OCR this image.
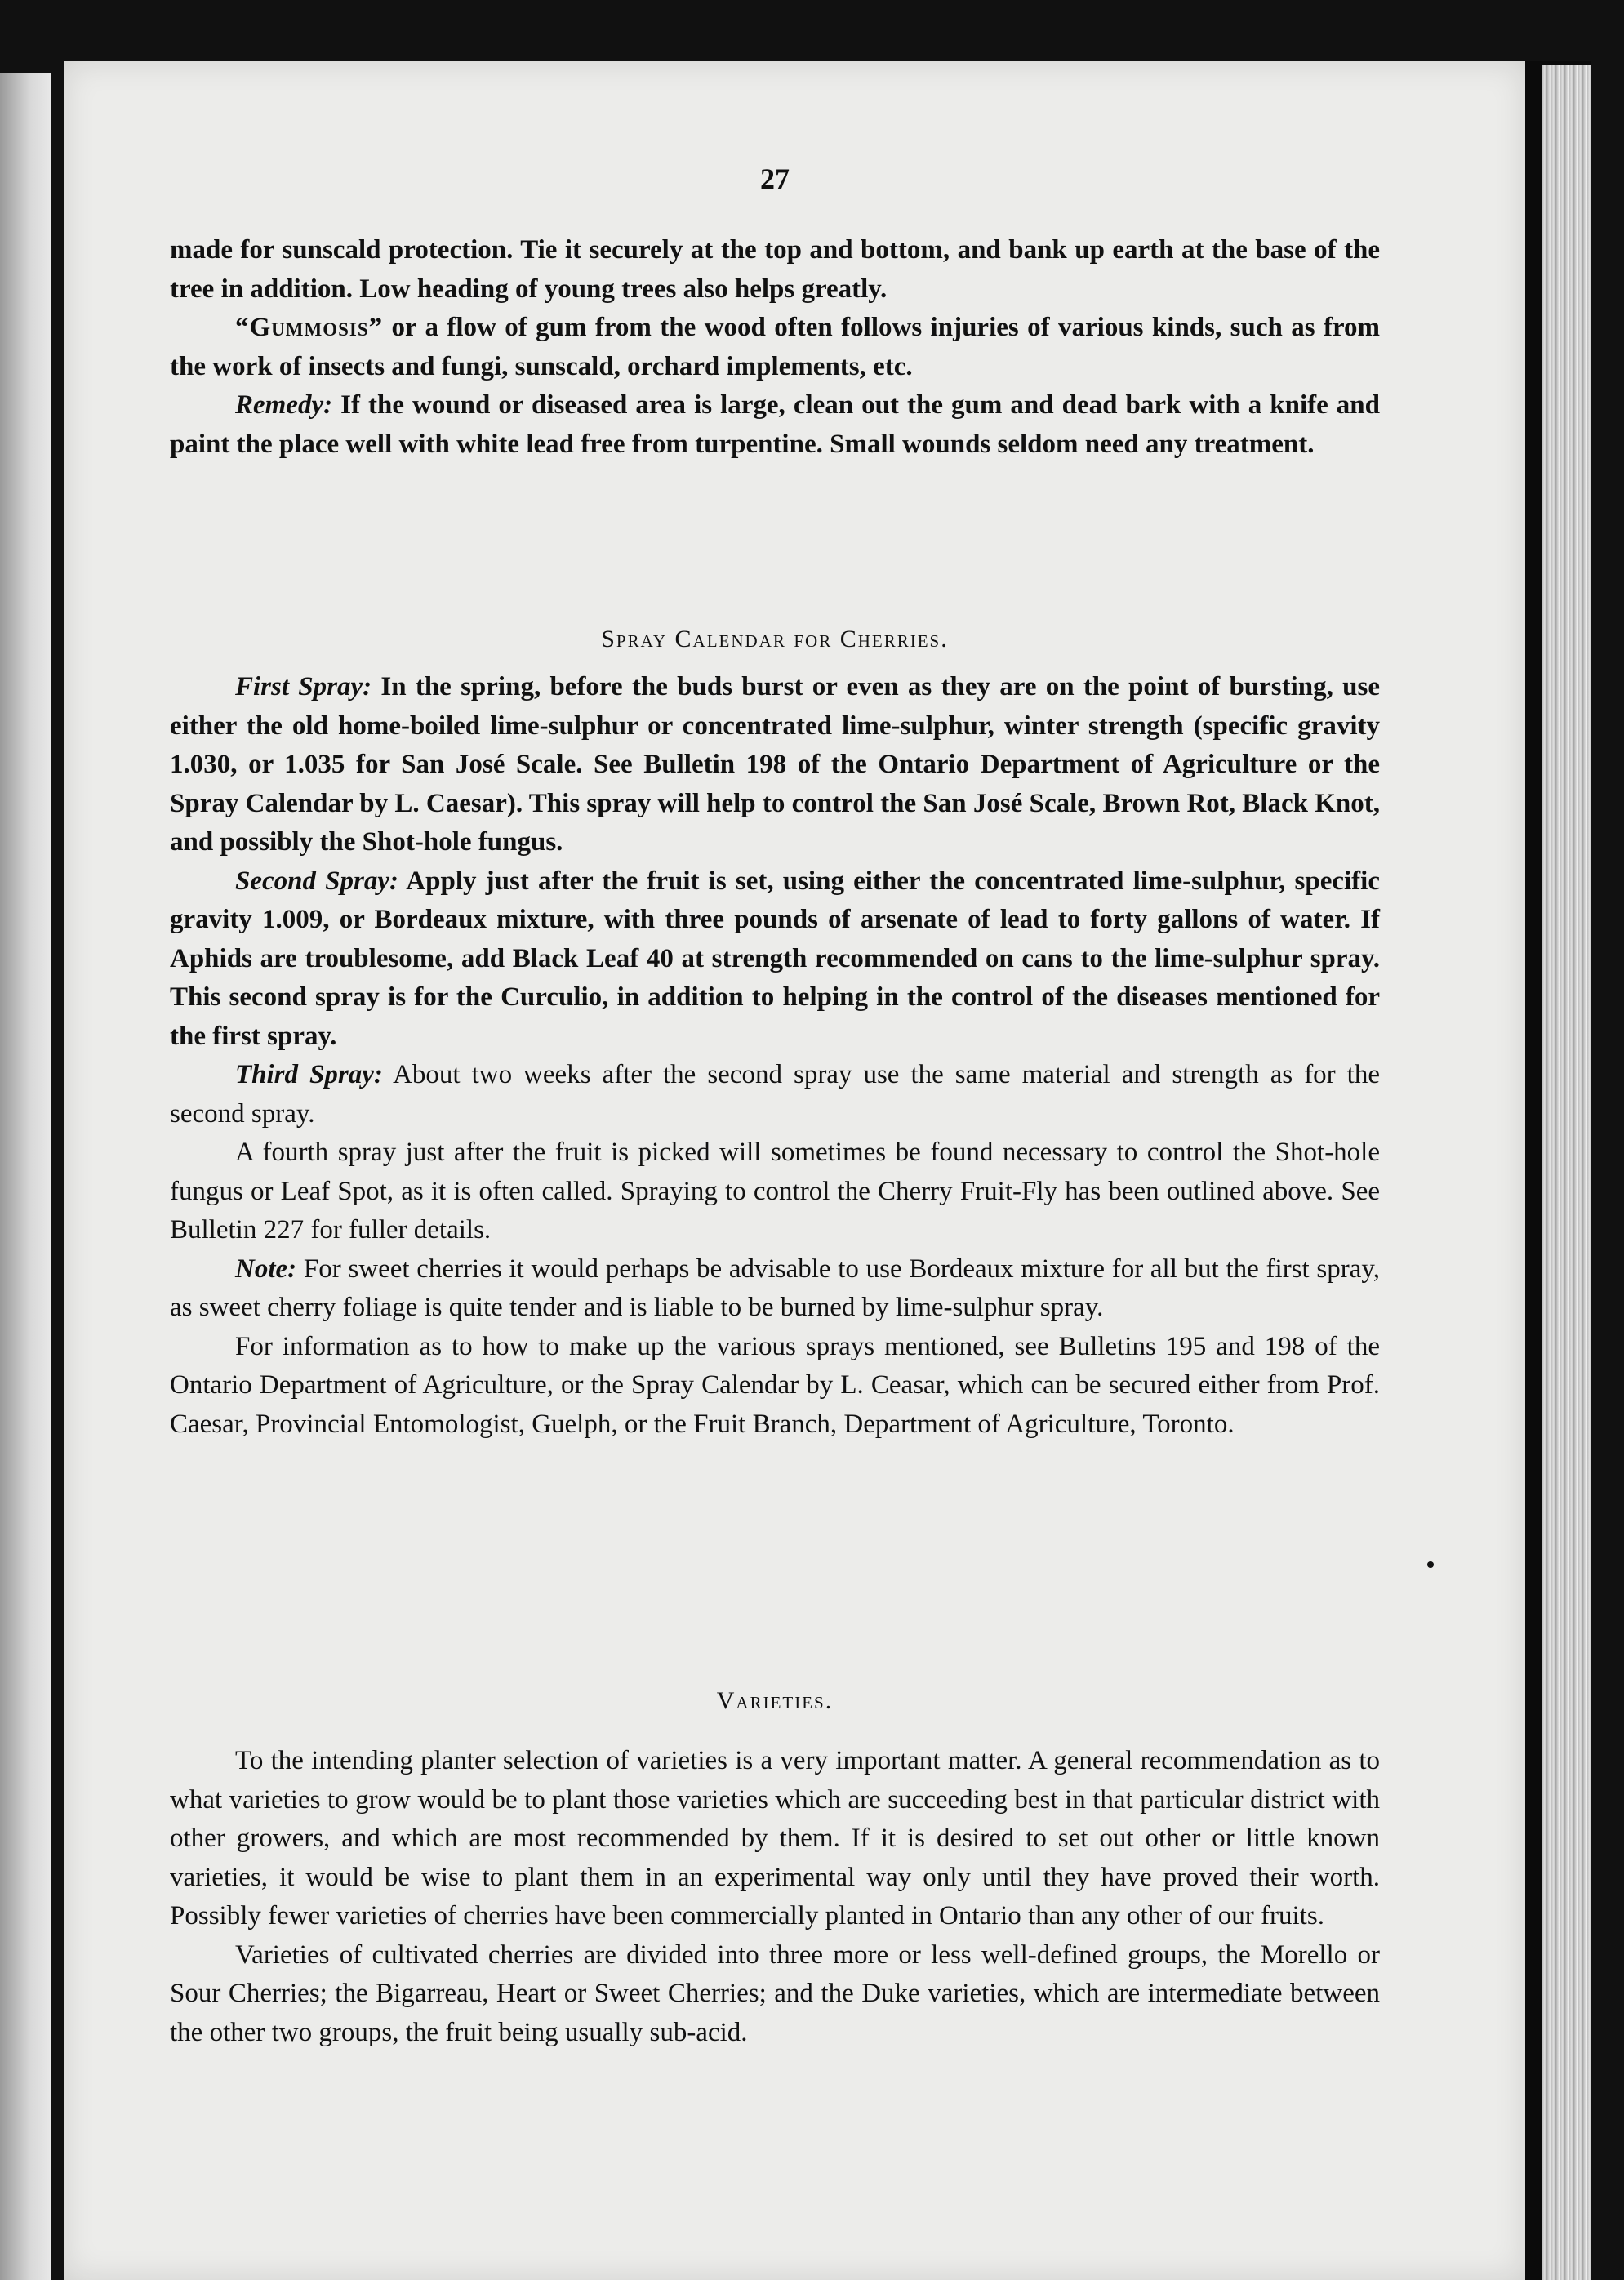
27

made for sunscald protection. Tie it securely at the top and bottom, and bank up earth at the base of the tree in addition. Low heading of young trees also helps greatly.

“Gummosis” or a flow of gum from the wood often follows injuries of various kinds, such as from the work of insects and fungi, sunscald, orchard implements, etc.

Remedy: If the wound or diseased area is large, clean out the gum and dead bark with a knife and paint the place well with white lead free from turpentine. Small wounds seldom need any treatment.

Spray Calendar for Cherries.

First Spray: In the spring, before the buds burst or even as they are on the point of bursting, use either the old home-boiled lime-sulphur or concentrated lime-sulphur, winter strength (specific gravity 1.030, or 1.035 for San José Scale. See Bulletin 198 of the Ontario Department of Agriculture or the Spray Calendar by L. Caesar). This spray will help to control the San José Scale, Brown Rot, Black Knot, and possibly the Shot-hole fungus.

Second Spray: Apply just after the fruit is set, using either the concentrated lime-sulphur, specific gravity 1.009, or Bordeaux mixture, with three pounds of arsenate of lead to forty gallons of water. If Aphids are troublesome, add Black Leaf 40 at strength recommended on cans to the lime-sulphur spray. This second spray is for the Curculio, in addition to helping in the control of the diseases mentioned for the first spray.

Third Spray: About two weeks after the second spray use the same material and strength as for the second spray.

A fourth spray just after the fruit is picked will sometimes be found necessary to control the Shot-hole fungus or Leaf Spot, as it is often called. Spraying to control the Cherry Fruit-Fly has been outlined above. See Bulletin 227 for fuller details.

Note: For sweet cherries it would perhaps be advisable to use Bordeaux mixture for all but the first spray, as sweet cherry foliage is quite tender and is liable to be burned by lime-sulphur spray.

For information as to how to make up the various sprays mentioned, see Bulletins 195 and 198 of the Ontario Department of Agriculture, or the Spray Calendar by L. Ceasar, which can be secured either from Prof. Caesar, Provincial Entomologist, Guelph, or the Fruit Branch, Department of Agriculture, Toronto.

Varieties.

To the intending planter selection of varieties is a very important matter. A general recommendation as to what varieties to grow would be to plant those varieties which are succeeding best in that particular district with other growers, and which are most recommended by them. If it is desired to set out other or little known varieties, it would be wise to plant them in an experimental way only until they have proved their worth. Possibly fewer varieties of cherries have been commercially planted in Ontario than any other of our fruits.

Varieties of cultivated cherries are divided into three more or less well-defined groups, the Morello or Sour Cherries; the Bigarreau, Heart or Sweet Cherries; and the Duke varieties, which are intermediate between the other two groups, the fruit being usually sub-acid.
